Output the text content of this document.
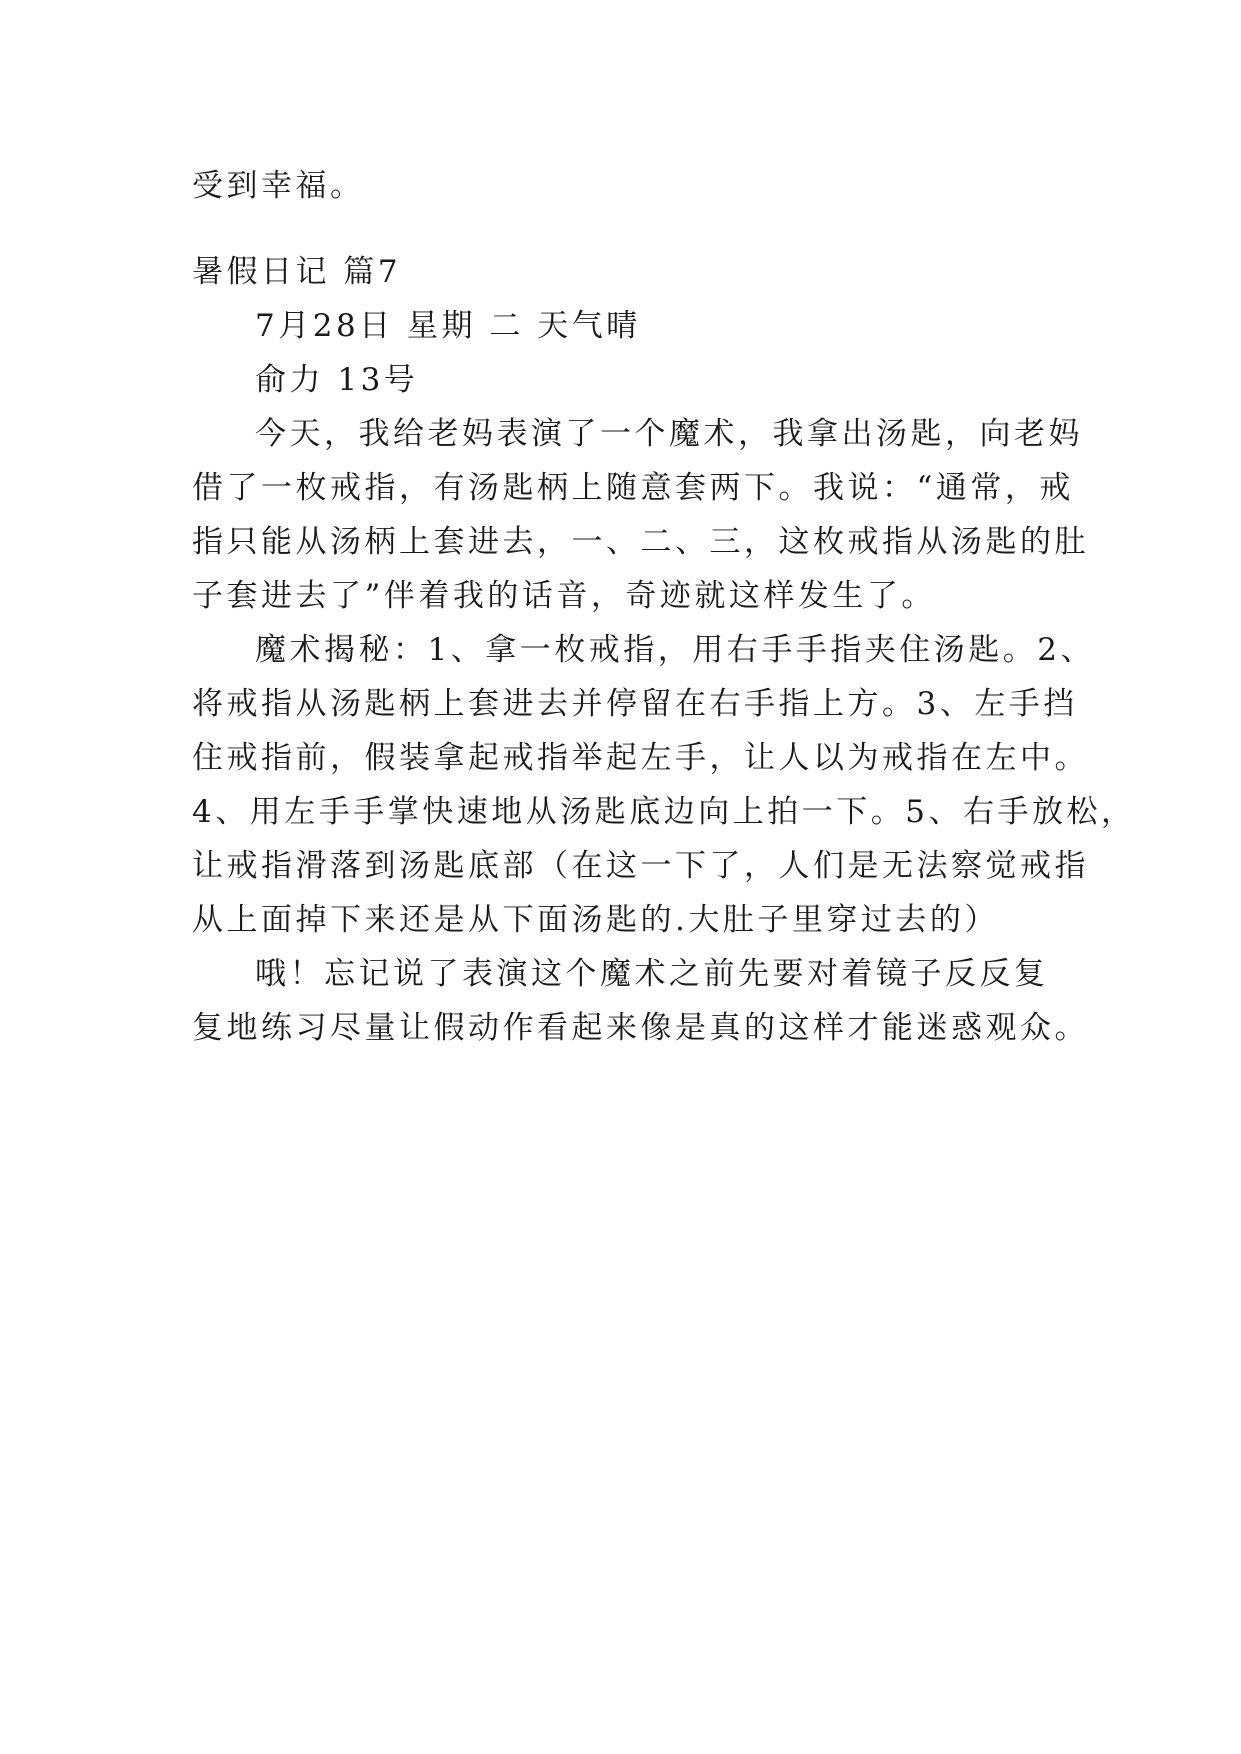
受到幸福。
暑假日记 篇7
7月28日 星期 二 天气晴
俞力 13号
今天，我给老妈表演了一个魔术，我拿出汤匙，向老妈
借了一枚戒指，有汤匙柄上随意套两下。我说：“通常，戒
指只能从汤柄上套进去，一、二、三，这枚戒指从汤匙的肚
子套进去了”伴着我的话音，奇迹就这样发生了。
魔术揭秘：1、拿一枚戒指，用右手手指夹住汤匙。2、
将戒指从汤匙柄上套进去并停留在右手指上方。3、左手挡
住戒指前，假装拿起戒指举起左手，让人以为戒指在左中。
4、用左手手掌快速地从汤匙底边向上拍一下。5、右手放松，
让戒指滑落到汤匙底部（在这一下了，人们是无法察觉戒指
从上面掉下来还是从下面汤匙的.大肚子里穿过去的）
哦！忘记说了表演这个魔术之前先要对着镜子反反复
复地练习尽量让假动作看起来像是真的这样才能迷惑观众。
